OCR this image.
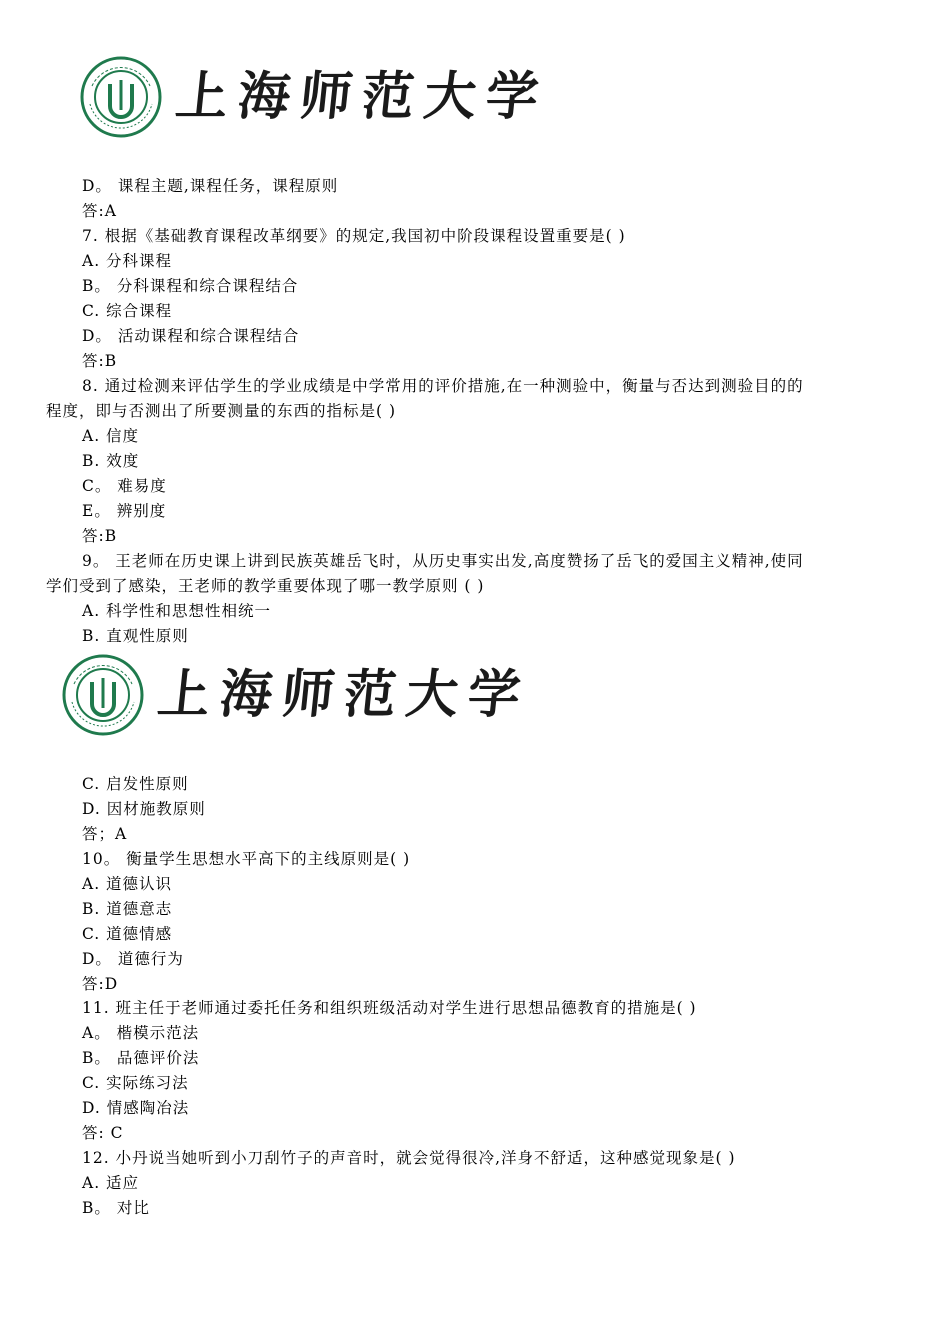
上海师范大学
D。 课程主题,课程任务，课程原则
答:A
7. 根据《基础教育课程改革纲要》的规定,我国初中阶段课程设置重要是( )
A. 分科课程
B。 分科课程和综合课程结合
C. 综合课程
D。 活动课程和综合课程结合
答:B
8. 通过检测来评估学生的学业成绩是中学常用的评价措施,在一种测验中，衡量与否达到测验目的的
程度，即与否测出了所要测量的东西的指标是( )
A. 信度
B. 效度
C。 难易度
E。 辨别度
答:B
9。 王老师在历史课上讲到民族英雄岳飞时，从历史事实出发,高度赞扬了岳飞的爱国主义精神,使同
学们受到了感染，王老师的教学重要体现了哪一教学原则 ( )
A. 科学性和思想性相统一
B. 直观性原则
上海师范大学
C. 启发性原则
D. 因材施教原则
答；A
10。 衡量学生思想水平高下的主线原则是( )
A. 道德认识
B. 道德意志
C. 道德情感
D。 道德行为
答:D
11. 班主任于老师通过委托任务和组织班级活动对学生进行思想品德教育的措施是( )
A。 楷模示范法
B。 品德评价法
C. 实际练习法
D. 情感陶冶法
答: C
12. 小丹说当她听到小刀刮竹子的声音时，就会觉得很冷,洋身不舒适，这种感觉现象是( )
A. 适应
B。 对比
